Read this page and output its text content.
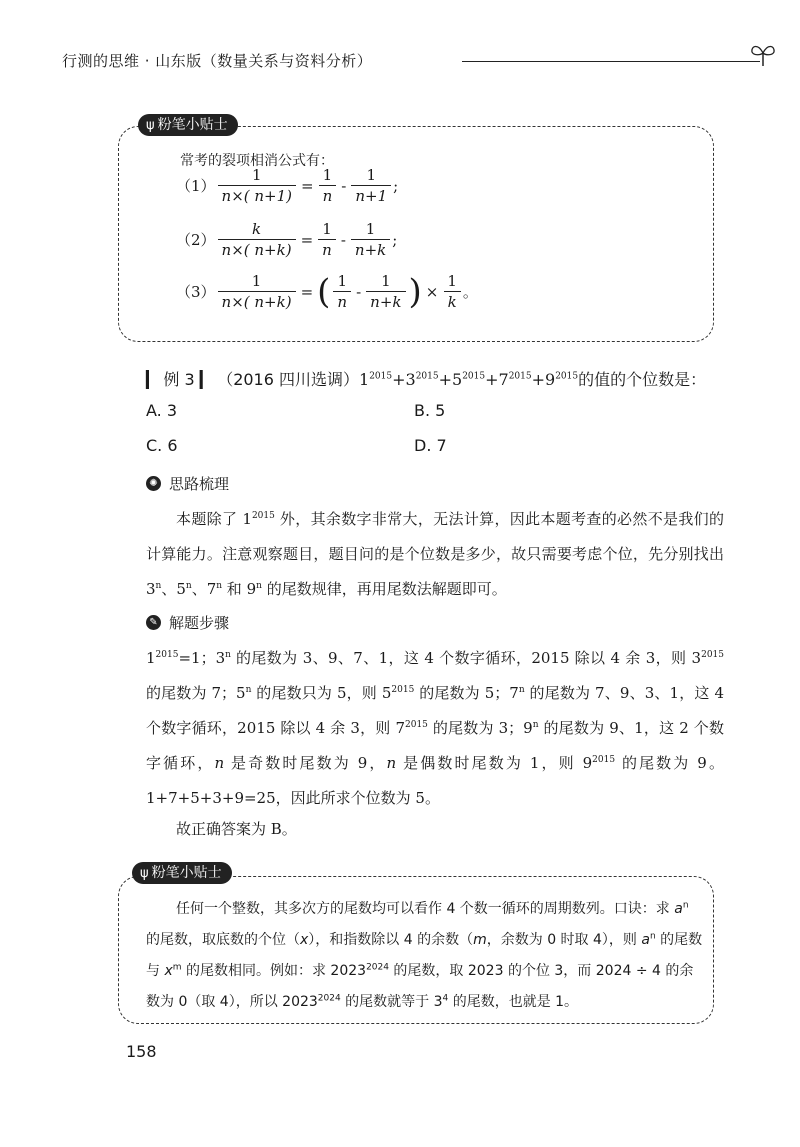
行测的思维 · 山东版（数量关系与资料分析）
ψ 粉笔小贴士
常考的裂项相消公式有：
$(1) \frac{1}{n\times( n+1)} = \frac{1}{n} - \frac{1}{n+1}$ ;
$(2) \frac{k}{n\times( n+k)} = \frac{1}{n} - \frac{1}{n+k}$ ;
$(3) \frac{1}{n\times( n+k)}$ = ( $\frac{1}{n} - \frac{1}{n+k}$ ) × $\frac{1}{k}$ 。
▎ 例 3 ▎ （2016 四川选调）$1^{2015}+3^{2015}+5^{2015}+7^{2015}+9^{2015}$的值的个位数是：
A. 3	B. 5
C. 6	D. 7
✺ 思路梳理
本题除了 $1^{2015}$ 外，其余数字非常大，无法计算，因此本题考查的必然不是我们的计算能力。注意观察题目，题目问的是个位数是多少，故只需要考虑个位，先分别找出 3$^n$、5$^n$、7$^n$ 和 9$^n$ 的尾数规律，再用尾数法解题即可。
✎ 解题步骤
$1^{2015}=1$；3$^n$ 的尾数为 3、9、7、1，这 4 个数字循环，2015 除以 4 余 3，则 $3^{2015}$ 的尾数为 7；5$^n$ 的尾数只为 5，则 $5^{2015}$ 的尾数为 5；7$^n$ 的尾数为 7、9、3、1，这 4 个数字循环，2015 除以 4 余 3，则 $7^{2015}$ 的尾数为 3；9$^n$ 的尾数为 9、1，这 2 个数字循环，n 是奇数时尾数为 9，n 是偶数时尾数为 1，则 $9^{2015}$ 的尾数为 9。1+7+5+3+9=25，因此所求个位数为 5。
故正确答案为 B。
ψ 粉笔小贴士
任何一个整数，其多次方的尾数均可以看作 4 个数一循环的周期数列。口诀：求 $a^n$ 的尾数，取底数的个位（x），和指数除以 4 的余数（m，余数为 0 时取 4），则 $a^n$ 的尾数与 $x^m$ 的尾数相同。例如：求 $2023^{2024}$ 的尾数，取 2023 的个位 3，而 2024 ÷ 4 的余数为 0（取 4），所以 $2023^{2024}$ 的尾数就等于 $3^4$ 的尾数，也就是 1。
158
